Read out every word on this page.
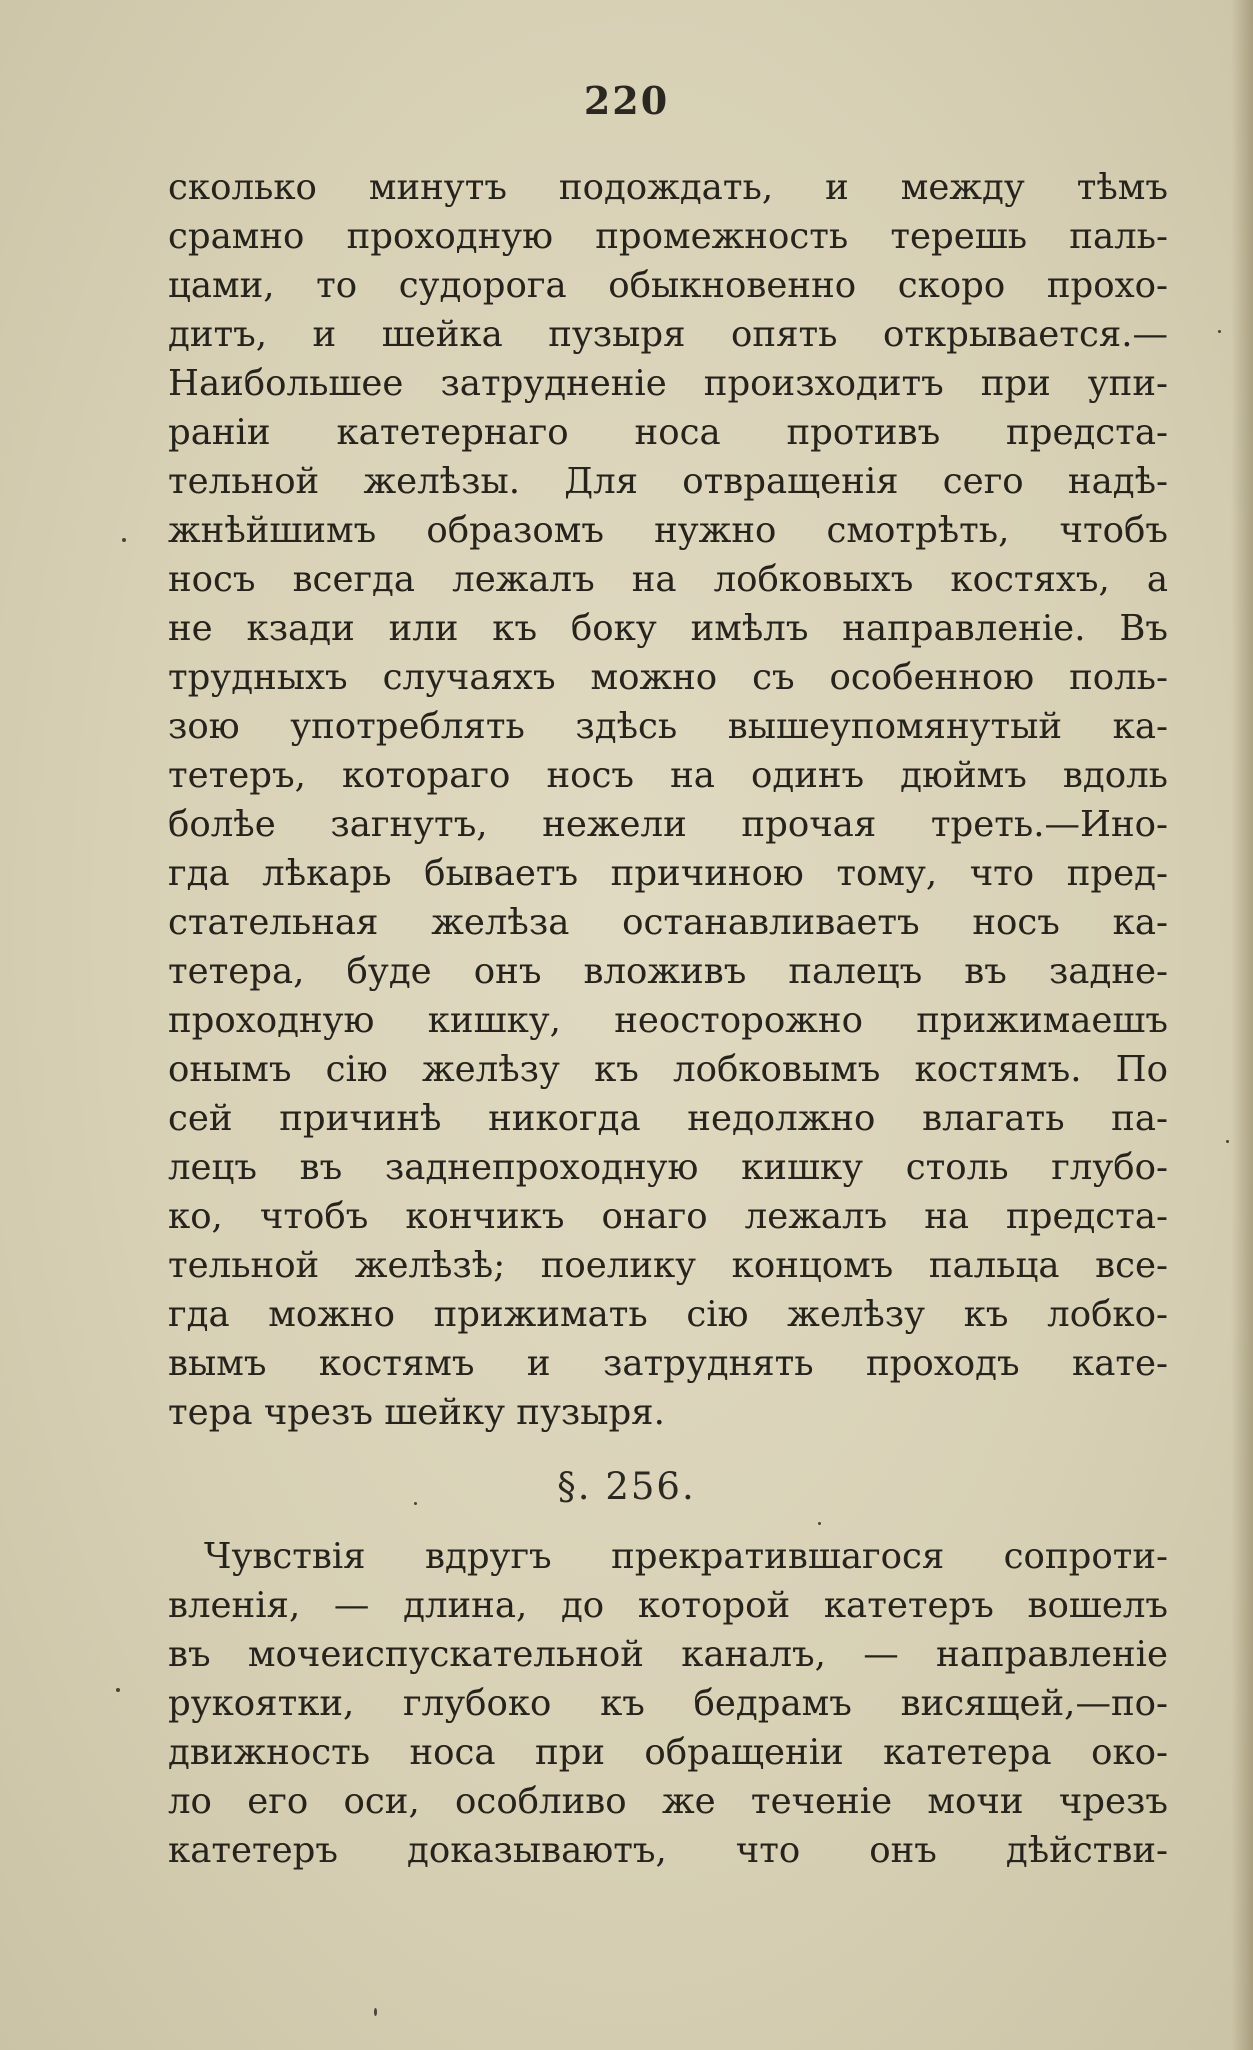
220
сколько минутъ подождать, и между тѣмъ
срамно проходную промежность терешь паль-
цами, то судорога обыкновенно скоро прохо-
дитъ, и шейка пузыря опять открывается.—
Наибольшее затрудненіе произходитъ при упи-
раніи катетернаго носа противъ предста-
тельной желѣзы. Для отвращенія сего надѣ-
жнѣйшимъ образомъ нужно смотрѣть, чтобъ
носъ всегда лежалъ на лобковыхъ костяхъ, а
не кзади или къ боку имѣлъ направленіе. Въ
трудныхъ случаяхъ можно съ особенною поль-
зою употреблять здѣсь вышеупомянутый ка-
тетеръ, котораго носъ на одинъ дюймъ вдоль
болѣе загнутъ, нежели прочая треть.—Ино-
гда лѣкарь бываетъ причиною тому, что пред-
стательная желѣза останавливаетъ носъ ка-
тетера, буде онъ вложивъ палецъ въ задне-
проходную кишку, неосторожно прижимаешъ
онымъ сію желѣзу къ лобковымъ костямъ. По
сей причинѣ никогда недолжно влагать па-
лецъ въ заднепроходную кишку столь глубо-
ко, чтобъ кончикъ онаго лежалъ на предста-
тельной желѣзѣ; поелику концомъ пальца все-
гда можно прижимать сію желѣзу къ лобко-
вымъ костямъ и затруднять проходъ кате-
тера чрезъ шейку пузыря.
§. 256.
Чувствія вдругъ прекратившагося сопроти-
вленія, — длина, до которой катетеръ вошелъ
въ мочеиспускательной каналъ, — направленіе
рукоятки, глубоко къ бедрамъ висящей,—по-
движность носа при обращеніи катетера око-
ло его оси, особливо же теченіе мочи чрезъ
катетеръ доказываютъ, что онъ дѣйстви-
